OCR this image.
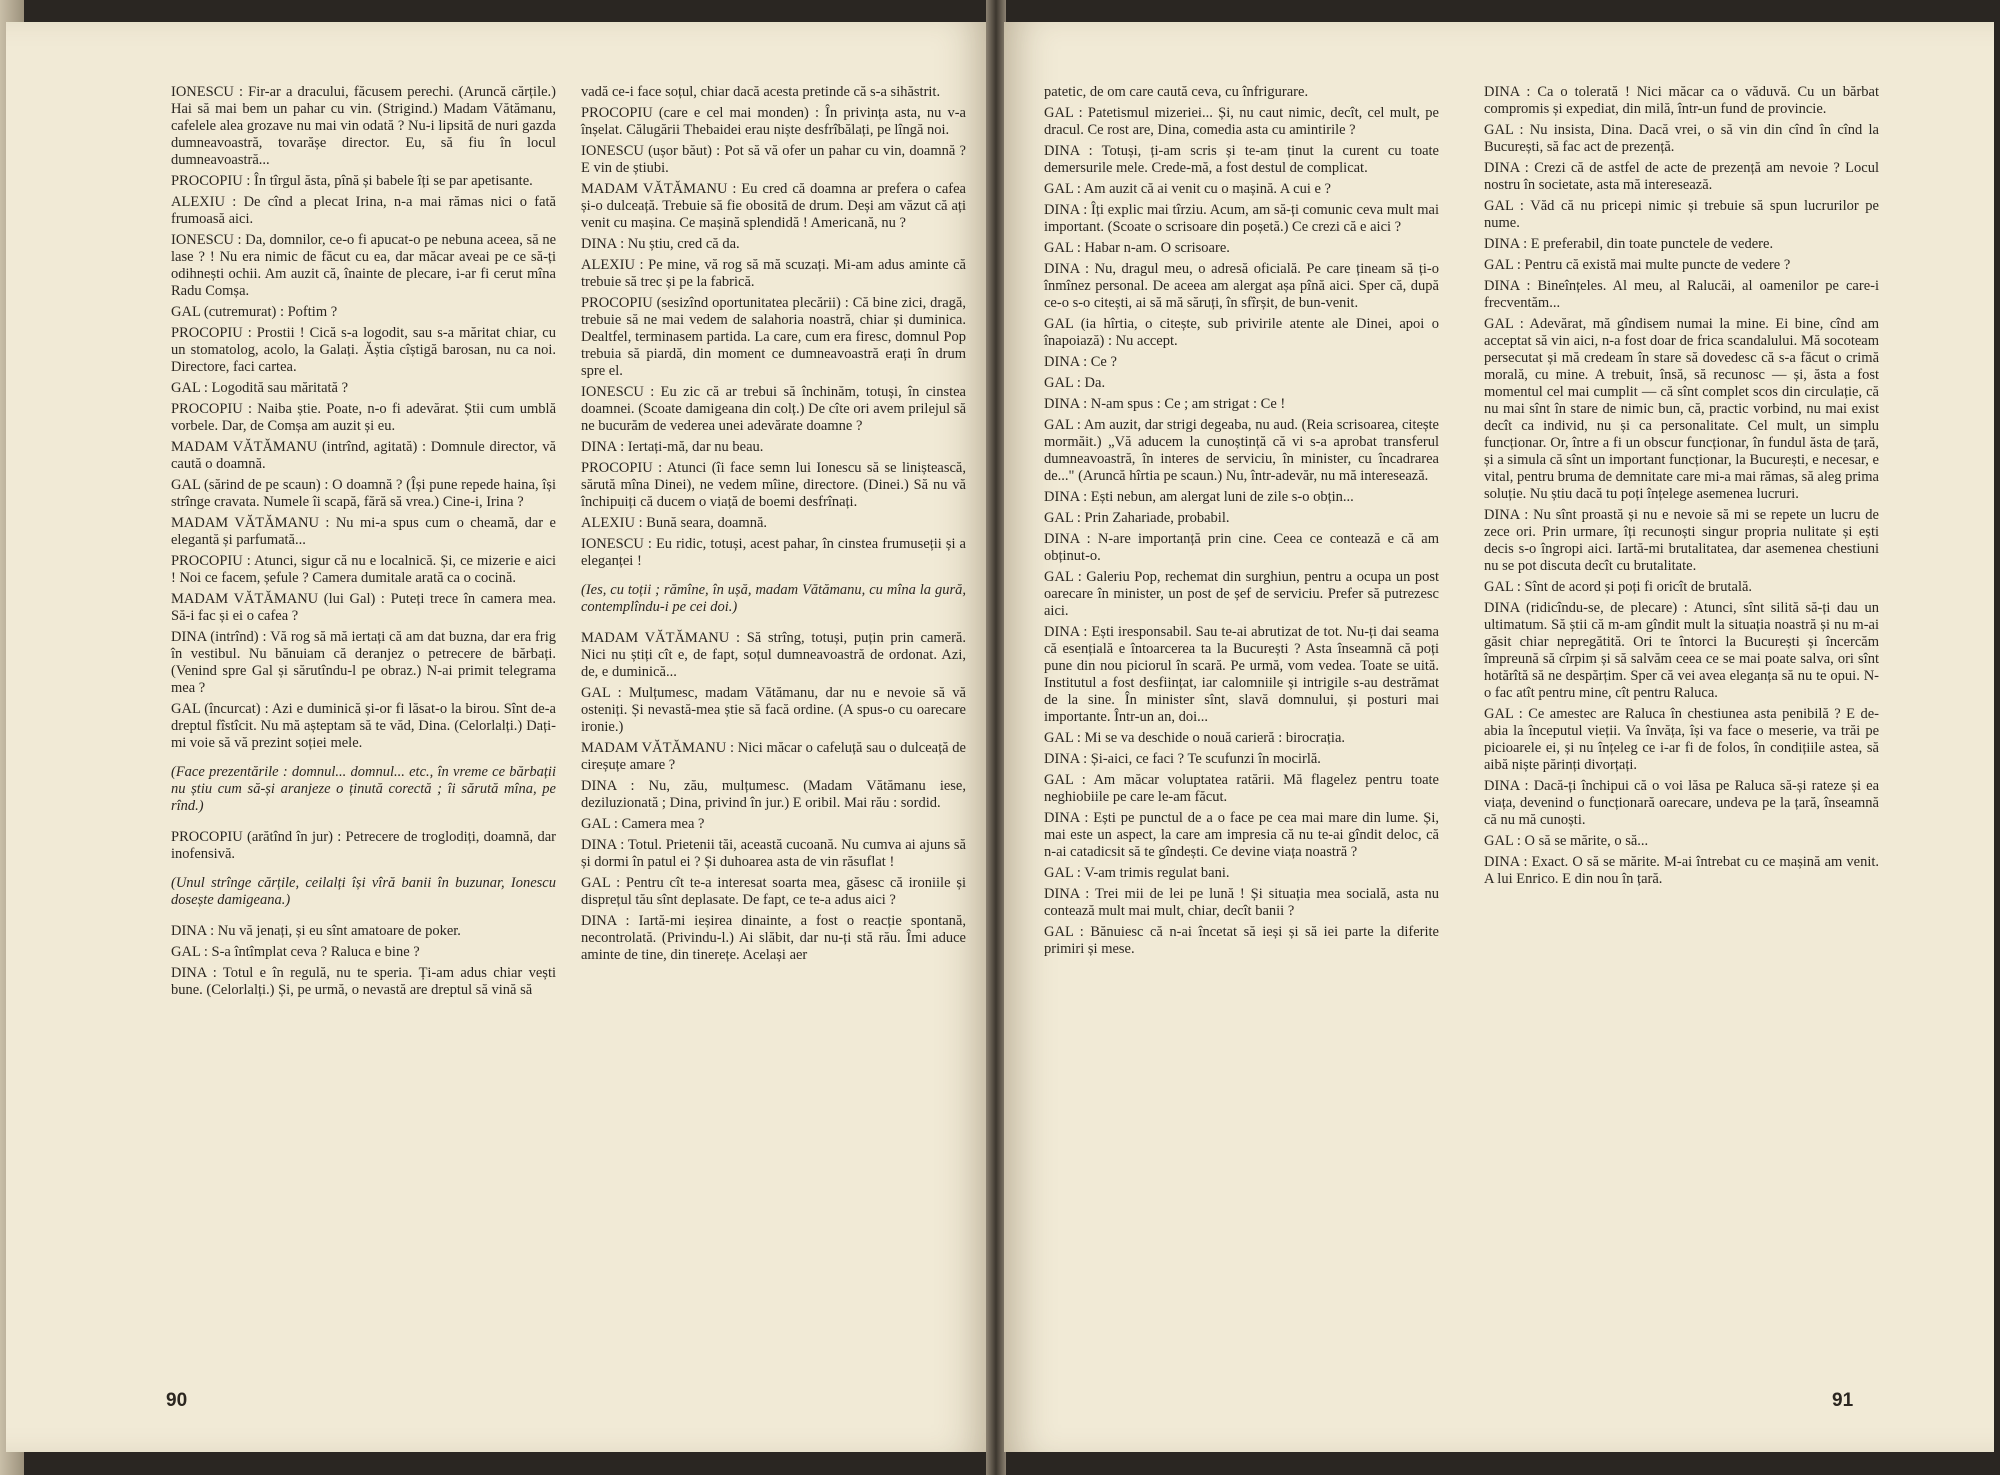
IONESCU : Fir-ar a dracului, făcusem perechi. (Aruncă cărțile.) Hai să mai bem un pahar cu vin. (Strigind.) Madam Vătămanu, cafelele alea grozave nu mai vin odată ? Nu-i lipsită de nuri gazda dumneavoastră, tovarășe director. Eu, să fiu în locul dumneavoastră...

PROCOPIU : În tîrgul ăsta, pînă și babele îți se par apetisante.

ALEXIU : De cînd a plecat Irina, n-a mai rămas nici o fată frumoasă aici.

IONESCU : Da, domnilor, ce-o fi apucat-o pe nebuna aceea, să ne lase ? ! Nu era nimic de făcut cu ea, dar măcar aveai pe ce să-ți odihnești ochii. Am auzit că, înainte de plecare, i-ar fi cerut mîna Radu Comșa.

GAL (cutremurat) : Poftim ?

PROCOPIU : Prostii ! Cică s-a logodit, sau s-a măritat chiar, cu un stomatolog, acolo, la Galați. Ăștia cîștigă barosan, nu ca noi. Directore, faci cartea.

GAL : Logodită sau măritată ?

PROCOPIU : Naiba știe. Poate, n-o fi adevărat. Știi cum umblă vorbele. Dar, de Comșa am auzit și eu.

MADAM VĂTĂMANU (intrînd, agitată) : Domnule director, vă caută o doamnă.

GAL (sărind de pe scaun) : O doamnă ? (Își pune repede haina, își strînge cravata. Numele îi scapă, fără să vrea.) Cine-i, Irina ?

MADAM VĂTĂMANU : Nu mi-a spus cum o cheamă, dar e elegantă și parfumată...

PROCOPIU : Atunci, sigur că nu e localnică. Și, ce mizerie e aici ! Noi ce facem, șefule ? Camera dumitale arată ca o cocină.

MADAM VĂTĂMANU (lui Gal) : Puteți trece în camera mea. Să-i fac și ei o cafea ?

DINA (intrînd) : Vă rog să mă iertați că am dat buzna, dar era frig în vestibul. Nu bănuiam că deranjez o petrecere de bărbați. (Venind spre Gal și sărutîndu-l pe obraz.) N-ai primit telegrama mea ?

GAL (încurcat) : Azi e duminică și-or fi lăsat-o la birou. Sînt de-a dreptul fîstîcit. Nu mă așteptam să te văd, Dina. (Celorlalți.) Dați-mi voie să vă prezint soției mele.

(Face prezentările : domnul... domnul... etc., în vreme ce bărbații nu știu cum să-și aranjeze o ținută corectă ; îi sărută mîna, pe rînd.)

PROCOPIU (arătînd în jur) : Petrecere de troglodiți, doamnă, dar inofensivă.

(Unul strînge cărțile, ceilalți își vîră banii în buzunar, Ionescu dosește damigeana.)

DINA : Nu vă jenați, și eu sînt amatoare de poker.

GAL : S-a întîmplat ceva ? Raluca e bine ?

DINA : Totul e în regulă, nu te speria. Ți-am adus chiar vești bune. (Celorlalți.) Și, pe urmă, o nevastă are dreptul să vină să

vadă ce-i face soțul, chiar dacă acesta pretinde că s-a sihăstrit.

PROCOPIU (care e cel mai monden) : În privința asta, nu v-a înșelat. Călugării Thebaidei erau niște desfrîbălați, pe lîngă noi.

IONESCU (ușor băut) : Pot să vă ofer un pahar cu vin, doamnă ? E vin de știubi.

MADAM VĂTĂMANU : Eu cred că doamna ar prefera o cafea și-o dulceață. Trebuie să fie obosită de drum. Deși am văzut că ați venit cu mașina. Ce mașină splendidă ! Americană, nu ?

DINA : Nu știu, cred că da.

ALEXIU : Pe mine, vă rog să mă scuzați. Mi-am adus aminte că trebuie să trec și pe la fabrică.

PROCOPIU (sesizînd oportunitatea plecării) : Că bine zici, dragă, trebuie să ne mai vedem de salahoria noastră, chiar și duminica. Dealtfel, terminasem partida. La care, cum era firesc, domnul Pop trebuia să piardă, din moment ce dumneavoastră erați în drum spre el.

IONESCU : Eu zic că ar trebui să închinăm, totuși, în cinstea doamnei. (Scoate damigeana din colț.) De cîte ori avem prilejul să ne bucurăm de vederea unei adevărate doamne ?

DINA : Iertați-mă, dar nu beau.

PROCOPIU : Atunci (îi face semn lui Ionescu să se liniștească, sărută mîna Dinei), ne vedem mîine, directore. (Dinei.) Să nu vă închipuiți că ducem o viață de boemi desfrînați.

ALEXIU : Bună seara, doamnă.

IONESCU : Eu ridic, totuși, acest pahar, în cinstea frumuseții și a eleganței !

(Ies, cu toții ; rămîne, în ușă, madam Vătămanu, cu mîna la gură, contemplîndu-i pe cei doi.)

MADAM VĂTĂMANU : Să strîng, totuși, puțin prin cameră. Nici nu știți cît e, de fapt, soțul dumneavoastră de ordonat. Azi, de, e duminică...

GAL : Mulțumesc, madam Vătămanu, dar nu e nevoie să vă osteniți. Și nevastă-mea știe să facă ordine. (A spus-o cu oarecare ironie.)

MADAM VĂTĂMANU : Nici măcar o cafeluță sau o dulceață de cireșuțe amare ?

DINA : Nu, zău, mulțumesc. (Madam Vătămanu iese, deziluzionată ; Dina, privind în jur.) E oribil. Mai rău : sordid.

GAL : Camera mea ?

DINA : Totul. Prietenii tăi, această cucoană. Nu cumva ai ajuns să și dormi în patul ei ? Și duhoarea asta de vin răsuflat !

GAL : Pentru cît te-a interesat soarta mea, găsesc că ironiile și disprețul tău sînt deplasate. De fapt, ce te-a adus aici ?

DINA : Iartă-mi ieșirea dinainte, a fost o reacție spontană, necontrolată. (Privindu-l.) Ai slăbit, dar nu-ți stă rău. Îmi aduce aminte de tine, din tinerețe. Același aer

90

patetic, de om care caută ceva, cu înfrigurare.

GAL : Patetismul mizeriei... Și, nu caut nimic, decît, cel mult, pe dracul. Ce rost are, Dina, comedia asta cu amintirile ?

DINA : Totuși, ți-am scris și te-am ținut la curent cu toate demersurile mele. Crede-mă, a fost destul de complicat.

GAL : Am auzit că ai venit cu o mașină. A cui e ?

DINA : Îți explic mai tîrziu. Acum, am să-ți comunic ceva mult mai important. (Scoate o scrisoare din poșetă.) Ce crezi că e aici ?

GAL : Habar n-am. O scrisoare.

DINA : Nu, dragul meu, o adresă oficială. Pe care țineam să ți-o înmînez personal. De aceea am alergat așa pînă aici. Sper că, după ce-o s-o citești, ai să mă săruți, în sfîrșit, de bun-venit.

GAL (ia hîrtia, o citește, sub privirile atente ale Dinei, apoi o înapoiază) : Nu accept.

DINA : Ce ?

GAL : Da.

DINA : N-am spus : Ce ; am strigat : Ce !

GAL : Am auzit, dar strigi degeaba, nu aud. (Reia scrisoarea, citește mormăit.) „Vă aducem la cunoștință că vi s-a aprobat transferul dumneavoastră, în interes de serviciu, în minister, cu încadrarea de..." (Aruncă hîrtia pe scaun.) Nu, într-adevăr, nu mă interesează.

DINA : Ești nebun, am alergat luni de zile s-o obțin...

GAL : Prin Zahariade, probabil.

DINA : N-are importanță prin cine. Ceea ce contează e că am obținut-o.

GAL : Galeriu Pop, rechemat din surghiun, pentru a ocupa un post oarecare în minister, un post de șef de serviciu. Prefer să putrezesc aici.

DINA : Ești iresponsabil. Sau te-ai abrutizat de tot. Nu-ți dai seama că esențială e întoarcerea ta la București ? Asta înseamnă că poți pune din nou piciorul în scară. Pe urmă, vom vedea. Toate se uită. Institutul a fost desființat, iar calomniile și intrigile s-au destrămat de la sine. În minister sînt, slavă domnului, și posturi mai importante. Într-un an, doi...

GAL : Mi se va deschide o nouă carieră : birocrația.

DINA : Și-aici, ce faci ? Te scufunzi în mocirlă.

GAL : Am măcar voluptatea ratării. Mă flagelez pentru toate neghiobiile pe care le-am făcut.

DINA : Ești pe punctul de a o face pe cea mai mare din lume. Și, mai este un aspect, la care am impresia că nu te-ai gîndit deloc, că n-ai catadicsit să te gîndești. Ce devine viața noastră ?

GAL : V-am trimis regulat bani.

DINA : Trei mii de lei pe lună ! Și situația mea socială, asta nu contează mult mai mult, chiar, decît banii ?

GAL : Bănuiesc că n-ai încetat să ieși și să iei parte la diferite primiri și mese.

DINA : Ca o tolerată ! Nici măcar ca o văduvă. Cu un bărbat compromis și expediat, din milă, într-un fund de provincie.

GAL : Nu insista, Dina. Dacă vrei, o să vin din cînd în cînd la București, să fac act de prezență.

DINA : Crezi că de astfel de acte de prezență am nevoie ? Locul nostru în societate, asta mă interesează.

GAL : Văd că nu pricepi nimic și trebuie să spun lucrurilor pe nume.

DINA : E preferabil, din toate punctele de vedere.

GAL : Pentru că există mai multe puncte de vedere ?

DINA : Bineînțeles. Al meu, al Ralucăi, al oamenilor pe care-i frecventăm...

GAL : Adevărat, mă gîndisem numai la mine. Ei bine, cînd am acceptat să vin aici, n-a fost doar de frica scandalului. Mă socoteam persecutat și mă credeam în stare să dovedesc că s-a făcut o crimă morală, cu mine. A trebuit, însă, să recunosc — și, ăsta a fost momentul cel mai cumplit — că sînt complet scos din circulație, că nu mai sînt în stare de nimic bun, că, practic vorbind, nu mai exist decît ca individ, nu și ca personalitate. Cel mult, un simplu funcționar. Or, între a fi un obscur funcționar, în fundul ăsta de țară, și a simula că sînt un important funcționar, la București, e necesar, e vital, pentru bruma de demnitate care mi-a mai rămas, să aleg prima soluție. Nu știu dacă tu poți înțelege asemenea lucruri.

DINA : Nu sînt proastă și nu e nevoie să mi se repete un lucru de zece ori. Prin urmare, îți recunoști singur propria nulitate și ești decis s-o îngropi aici. Iartă-mi brutalitatea, dar asemenea chestiuni nu se pot discuta decît cu brutalitate.

GAL : Sînt de acord și poți fi oricît de brutală.

DINA (ridicîndu-se, de plecare) : Atunci, sînt silită să-ți dau un ultimatum. Să știi că m-am gîndit mult la situația noastră și nu m-ai găsit chiar nepregătită. Ori te întorci la București și încercăm împreună să cîrpim și să salvăm ceea ce se mai poate salva, ori sînt hotărîtă să ne despărțim. Sper că vei avea eleganța să nu te opui. N-o fac atît pentru mine, cît pentru Raluca.

GAL : Ce amestec are Raluca în chestiunea asta penibilă ? E de-abia la începutul vieții. Va învăța, își va face o meserie, va trăi pe picioarele ei, și nu înțeleg ce i-ar fi de folos, în condițiile astea, să aibă niște părinți divorțați.

DINA : Dacă-ți închipui că o voi lăsa pe Raluca să-și rateze și ea viața, devenind o funcționară oarecare, undeva pe la țară, înseamnă că nu mă cunoști.

GAL : O să se mărite, o să...

DINA : Exact. O să se mărite. M-ai întrebat cu ce mașină am venit. A lui Enrico. E din nou în țară.

91
